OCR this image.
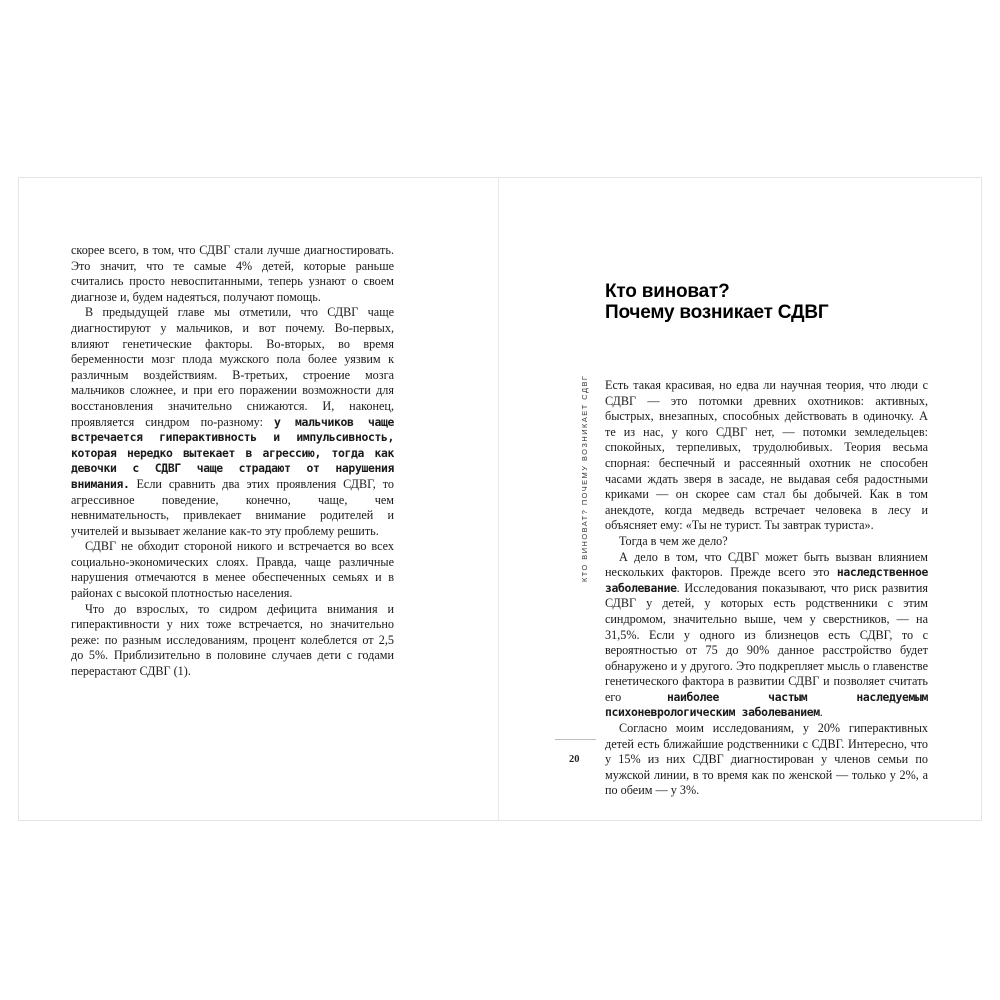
скорее всего, в том, что СДВГ стали лучше диагностировать. Это значит, что те самые 4% детей, которые раньше считались просто невоспитанными, теперь узнают о своем диагнозе и, будем надеяться, получают помощь.

В предыдущей главе мы отметили, что СДВГ чаще диагностируют у мальчиков, и вот почему. Во-первых, влияют генетические факторы. Во-вторых, во время беременности мозг плода мужского пола более уязвим к различным воздействиям. В-третьих, строение мозга мальчиков сложнее, и при его поражении возможности для восстановления значительно снижаются. И, наконец, проявляется синдром по-разному: у мальчиков чаще встречается гиперактивность и импульсивность, которая нередко вытекает в агрессию, тогда как девочки с СДВГ чаще страдают от нарушения внимания. Если сравнить два этих проявления СДВГ, то агрессивное поведение, конечно, чаще, чем невнимательность, привлекает внимание родителей и учителей и вызывает желание как-то эту проблему решить.

СДВГ не обходит стороной никого и встречается во всех социально-экономических слоях. Правда, чаще различные нарушения отмечаются в менее обеспеченных семьях и в районах с высокой плотностью населения.

Что до взрослых, то сидром дефицита внимания и гиперактивности у них тоже встречается, но значительно реже: по разным исследованиям, процент колеблется от 2,5 до 5%. Приблизительно в половине случаев дети с годами перерастают СДВГ (1).

Кто виноват?
Почему возникает СДВГ
КТО ВИНОВАТ? ПОЧЕМУ ВОЗНИКАЕТ СДВГ
20

Есть такая красивая, но едва ли научная теория, что люди с СДВГ — это потомки древних охотников: активных, быстрых, внезапных, способных действовать в одиночку. А те из нас, у кого СДВГ нет, — потомки земледельцев: спокойных, терпеливых, трудолюбивых. Теория весьма спорная: беспечный и рассеянный охотник не способен часами ждать зверя в засаде, не выдавая себя радостными криками — он скорее сам стал бы добычей. Как в том анекдоте, когда медведь встречает человека в лесу и объясняет ему: «Ты не турист. Ты завтрак туриста».

Тогда в чем же дело?

А дело в том, что СДВГ может быть вызван влиянием нескольких факторов. Прежде всего это наследственное заболевание. Исследования показывают, что риск развития СДВГ у детей, у которых есть родственники с этим синдромом, значительно выше, чем у сверстников, — на 31,5%. Если у одного из близнецов есть СДВГ, то с вероятностью от 75 до 90% данное расстройство будет обнаружено и у другого. Это подкрепляет мысль о главенстве генетического фактора в развитии СДВГ и позволяет считать его наиболее частым наследуемым психоневрологическим заболеванием.

Согласно моим исследованиям, у 20% гиперактивных детей есть ближайшие родственники с СДВГ. Интересно, что у 15% из них СДВГ диагностирован у членов семьи по мужской линии, в то время как по женской — только у 2%, а по обеим — у 3%.
